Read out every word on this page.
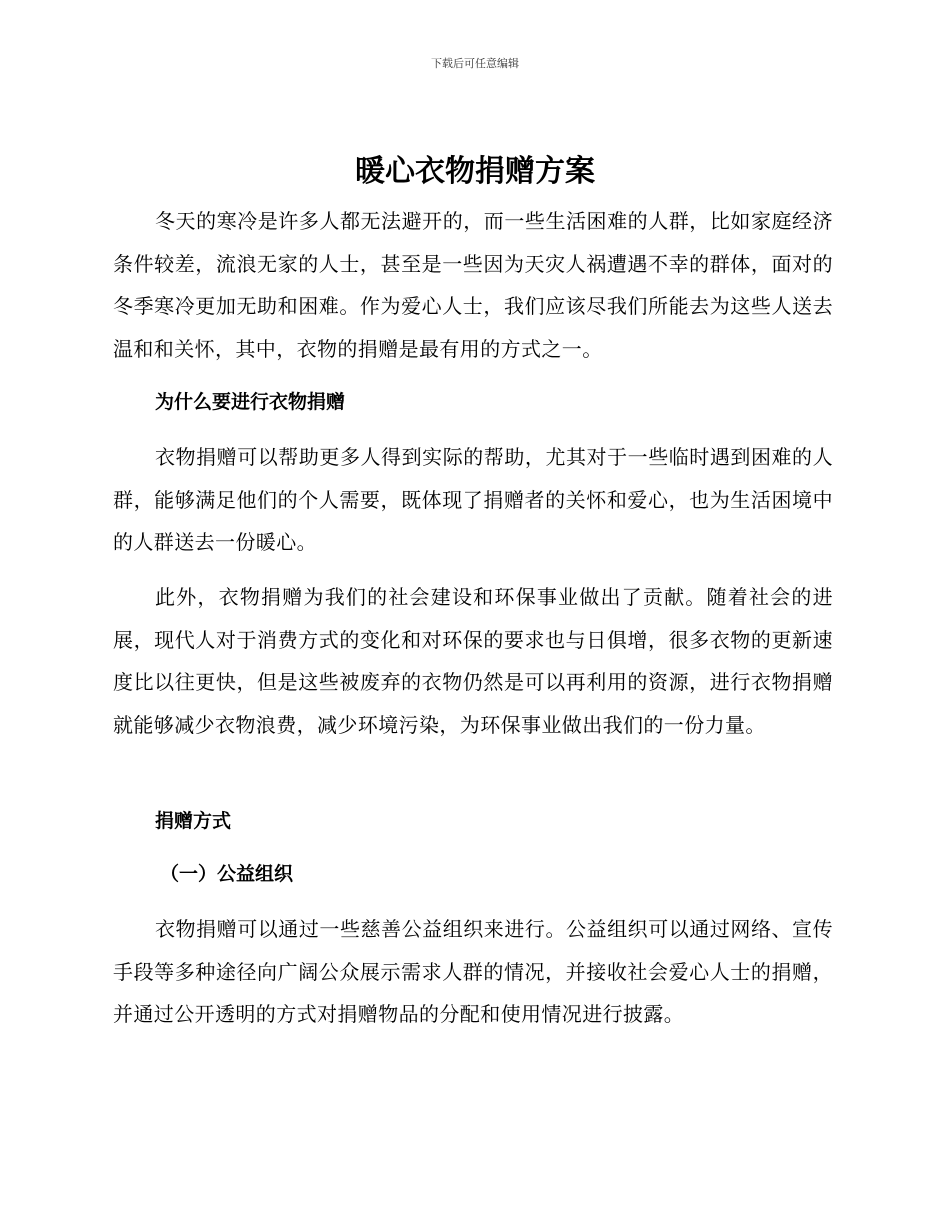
下载后可任意编辑
暖心衣物捐赠方案

冬天的寒冷是许多人都无法避开的，而一些生活困难的人群，比如家庭经济条件较差，流浪无家的人士，甚至是一些因为天灾人祸遭遇不幸的群体，面对的冬季寒冷更加无助和困难。作为爱心人士，我们应该尽我们所能去为这些人送去温和和关怀，其中，衣物的捐赠是最有用的方式之一。

为什么要进行衣物捐赠

衣物捐赠可以帮助更多人得到实际的帮助，尤其对于一些临时遇到困难的人群，能够满足他们的个人需要，既体现了捐赠者的关怀和爱心，也为生活困境中的人群送去一份暖心。

此外，衣物捐赠为我们的社会建设和环保事业做出了贡献。随着社会的进展，现代人对于消费方式的变化和对环保的要求也与日俱增，很多衣物的更新速度比以往更快，但是这些被废弃的衣物仍然是可以再利用的资源，进行衣物捐赠就能够减少衣物浪费，减少环境污染，为环保事业做出我们的一份力量。

捐赠方式
（一）公益组织

衣物捐赠可以通过一些慈善公益组织来进行。公益组织可以通过网络、宣传手段等多种途径向广阔公众展示需求人群的情况，并接收社会爱心人士的捐赠，并通过公开透明的方式对捐赠物品的分配和使用情况进行披露。
